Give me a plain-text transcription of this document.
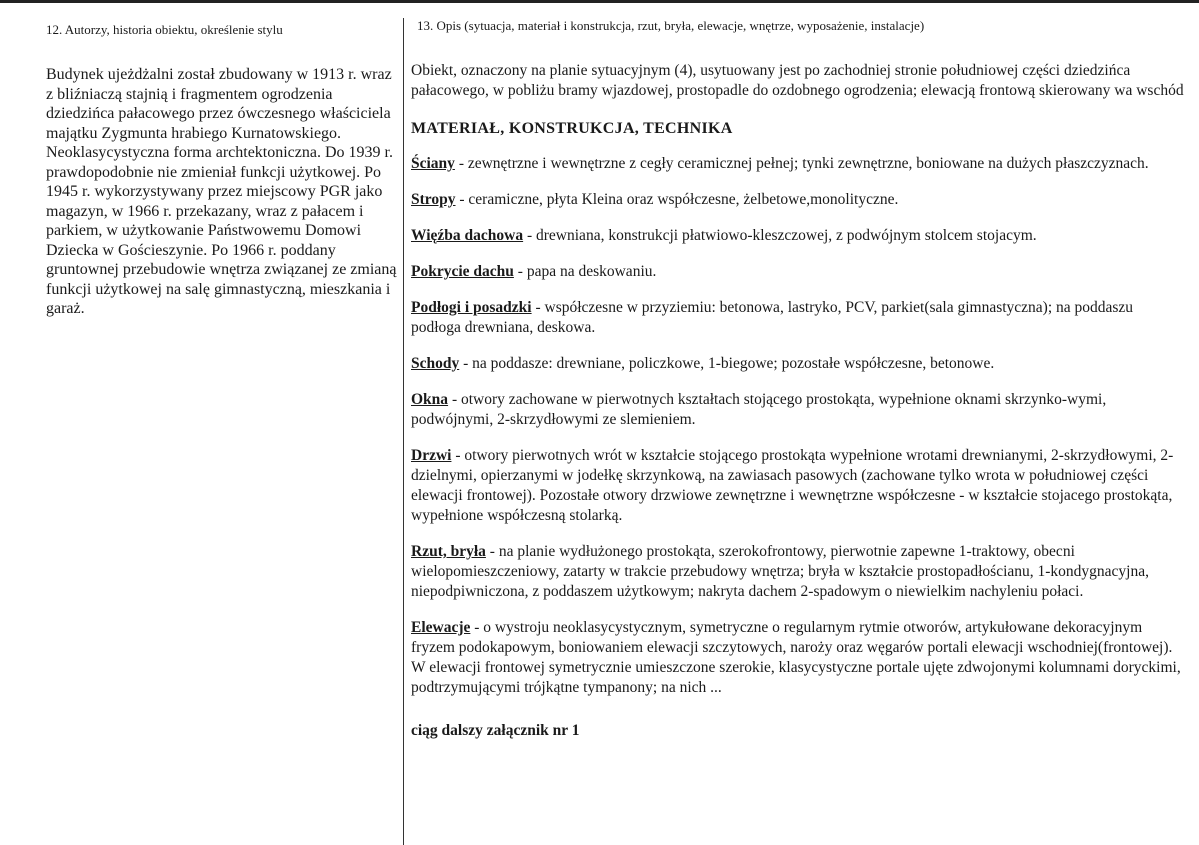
12. Autorzy, historia obiektu, określenie stylu

Budynek ujeżdżalni został zbudowany w 1913 r. wraz z bliźniaczą stajnią i fragmentem ogrodzenia dziedzińca pałacowego przez ówczesnego właściciela majątku Zygmunta hrabiego Kurnatowskiego. Neoklasycystyczna forma archtektoniczna. Do 1939 r. prawdopodobnie nie zmieniał funkcji użytkowej. Po 1945 r. wykorzystywany przez miejscowy PGR jako magazyn, w 1966 r. przekazany, wraz z pałacem i parkiem, w użytkowanie Państwowemu Domowi Dziecka w Gościeszynie. Po 1966 r. poddany gruntownej przebudowie wnętrza związanej ze zmianą funkcji użytkowej na salę gimnastyczną, mieszkania i garaż.

13. Opis (sytuacja, materiał i konstrukcja, rzut, bryła, elewacje, wnętrze, wyposażenie, instalacje)

Obiekt, oznaczony na planie sytuacyjnym (4), usytuowany jest po zachodniej stronie południowej części dziedzińca pałacowego, w pobliżu bramy wjazdowej, prostopadle do ozdobnego ogrodzenia; elewacją frontową skierowany wa wschód
MATERIAŁ, KONSTRUKCJA, TECHNIKA
Ściany - zewnętrzne i wewnętrzne z cegły ceramicznej pełnej; tynki zewnętrzne, boniowane na dużych płaszczyznach.
Stropy - ceramiczne, płyta Kleina oraz współczesne, żelbetowe,monolityczne.
Więźba dachowa - drewniana, konstrukcji płatwiowo-kleszczowej, z podwójnym stolcem stojacym.
Pokrycie dachu - papa na deskowaniu.
Podłogi i posadzki - współczesne w przyziemiu: betonowa, lastryko, PCV, parkiet(sala gimnastyczna); na poddaszu podłoga drewniana, deskowa.
Schody - na poddasze: drewniane, policzkowe, 1-biegowe; pozostałe współczesne, betonowe.
Okna - otwory zachowane w pierwotnych kształtach stojącego prostokąta, wypełnione oknami skrzynko-wymi, podwójnymi, 2-skrzydłowymi ze slemieniem.
Drzwi - otwory pierwotnych wrót w kształcie stojącego prostokąta wypełnione wrotami drewnianymi, 2-skrzydłowymi, 2-dzielnymi, opierzanymi w jodełkę skrzynkową, na zawiasach pasowych (zachowane tylko wrota w południowej części elewacji frontowej). Pozostałe otwory drzwiowe zewnętrzne i wewnętrzne współczesne - w kształcie stojacego prostokąta, wypełnione współczesną stolarką.
Rzut, bryła - na planie wydłużonego prostokąta, szerokofrontowy, pierwotnie zapewne 1-traktowy, obecni wielopomieszczeniowy, zatarty w trakcie przebudowy wnętrza; bryła w kształcie prostopadłościanu, 1-kondygnacyjna, niepodpiwniczona, z poddaszem użytkowym; nakryta dachem 2-spadowym o niewielkim nachyleniu połaci.
Elewacje - o wystroju neoklasycystycznym, symetryczne o regularnym rytmie otworów, artykułowane dekoracyjnym fryzem podokapowym, boniowaniem elewacji szczytowych, naroży oraz węgarów portali elewacji wschodniej(frontowej). W elewacji frontowej symetrycznie umieszczone szerokie, klasycystyczne portale ujęte zdwojonymi kolumnami doryckimi, podtrzymującymi trójkątne tympanony; na nich ...
ciąg dalszy załącznik nr 1
